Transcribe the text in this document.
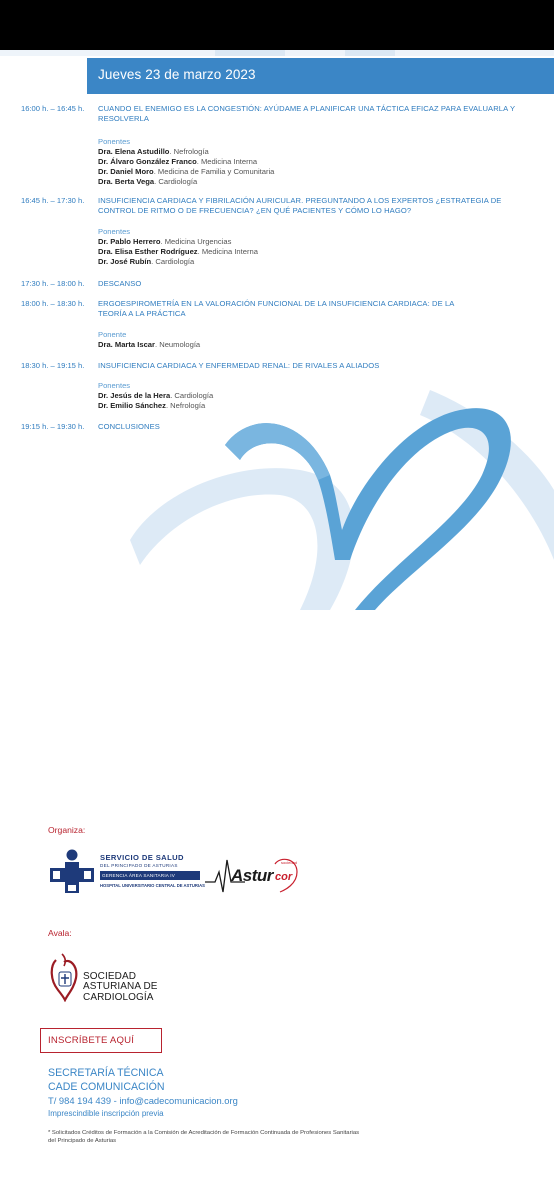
Jueves 23 de marzo 2023
16:00 h. – 16:45 h. CUANDO EL ENEMIGO ES LA CONGESTIÓN: AYÚDAME A PLANIFICAR UNA TÁCTICA EFICAZ PARA EVALUARLA Y RESOLVERLA
Ponentes
Dra. Elena Astudillo. Nefrología
Dr. Álvaro González Franco. Medicina Interna
Dr. Daniel Moro. Medicina de Familia y Comunitaria
Dra. Berta Vega. Cardiología
16:45 h. – 17:30 h. INSUFICIENCIA CARDIACA Y FIBRILACIÓN AURICULAR. PREGUNTANDO A LOS EXPERTOS ¿ESTRATEGIA DE CONTROL DE RITMO O DE FRECUENCIA? ¿EN QUÉ PACIENTES Y CÓMO LO HAGO?
Ponentes
Dr. Pablo Herrero. Medicina Urgencias
Dra. Elisa Esther Rodríguez. Medicina Interna
Dr. José Rubín. Cardiología
17:30 h. – 18:00 h. DESCANSO
18:00 h. – 18:30 h. ERGOESPIROMETRÍA EN LA VALORACIÓN FUNCIONAL DE LA INSUFICIENCIA CARDIACA: DE LA TEORÍA A LA PRÁCTICA
Ponente
Dra. Marta Iscar. Neumología
18:30 h. – 19:15 h. INSUFICIENCIA CARDIACA Y ENFERMEDAD RENAL: DE RIVALES A ALIADOS
Ponentes
Dr. Jesús de la Hera. Cardiología
Dr. Emilio Sánchez. Nefrología
19:15 h. – 19:30 h. CONCLUSIONES
Organiza:
SERVICIO DE SALUD
DEL PRINCIPADO DE ASTURIAS
GERENCIA ÁREA SANITARIA IV
HOSPITAL UNIVERSITARIO CENTRAL DE ASTURIAS
Astur cor
sociedad
Avala:
SOCIEDAD
ASTURIANA DE
CARDIOLOGÍA
INSCRÍBETE AQUÍ
SECRETARÍA TÉCNICA
CADE COMUNICACIÓN
T/ 984 194 439 - info@cadecomunicacion.org
Imprescindible inscripción previa
* Solicitados Créditos de Formación a la Comisión de Acreditación de Formación Continuada de Profesiones Sanitarias del Principado de Asturias
